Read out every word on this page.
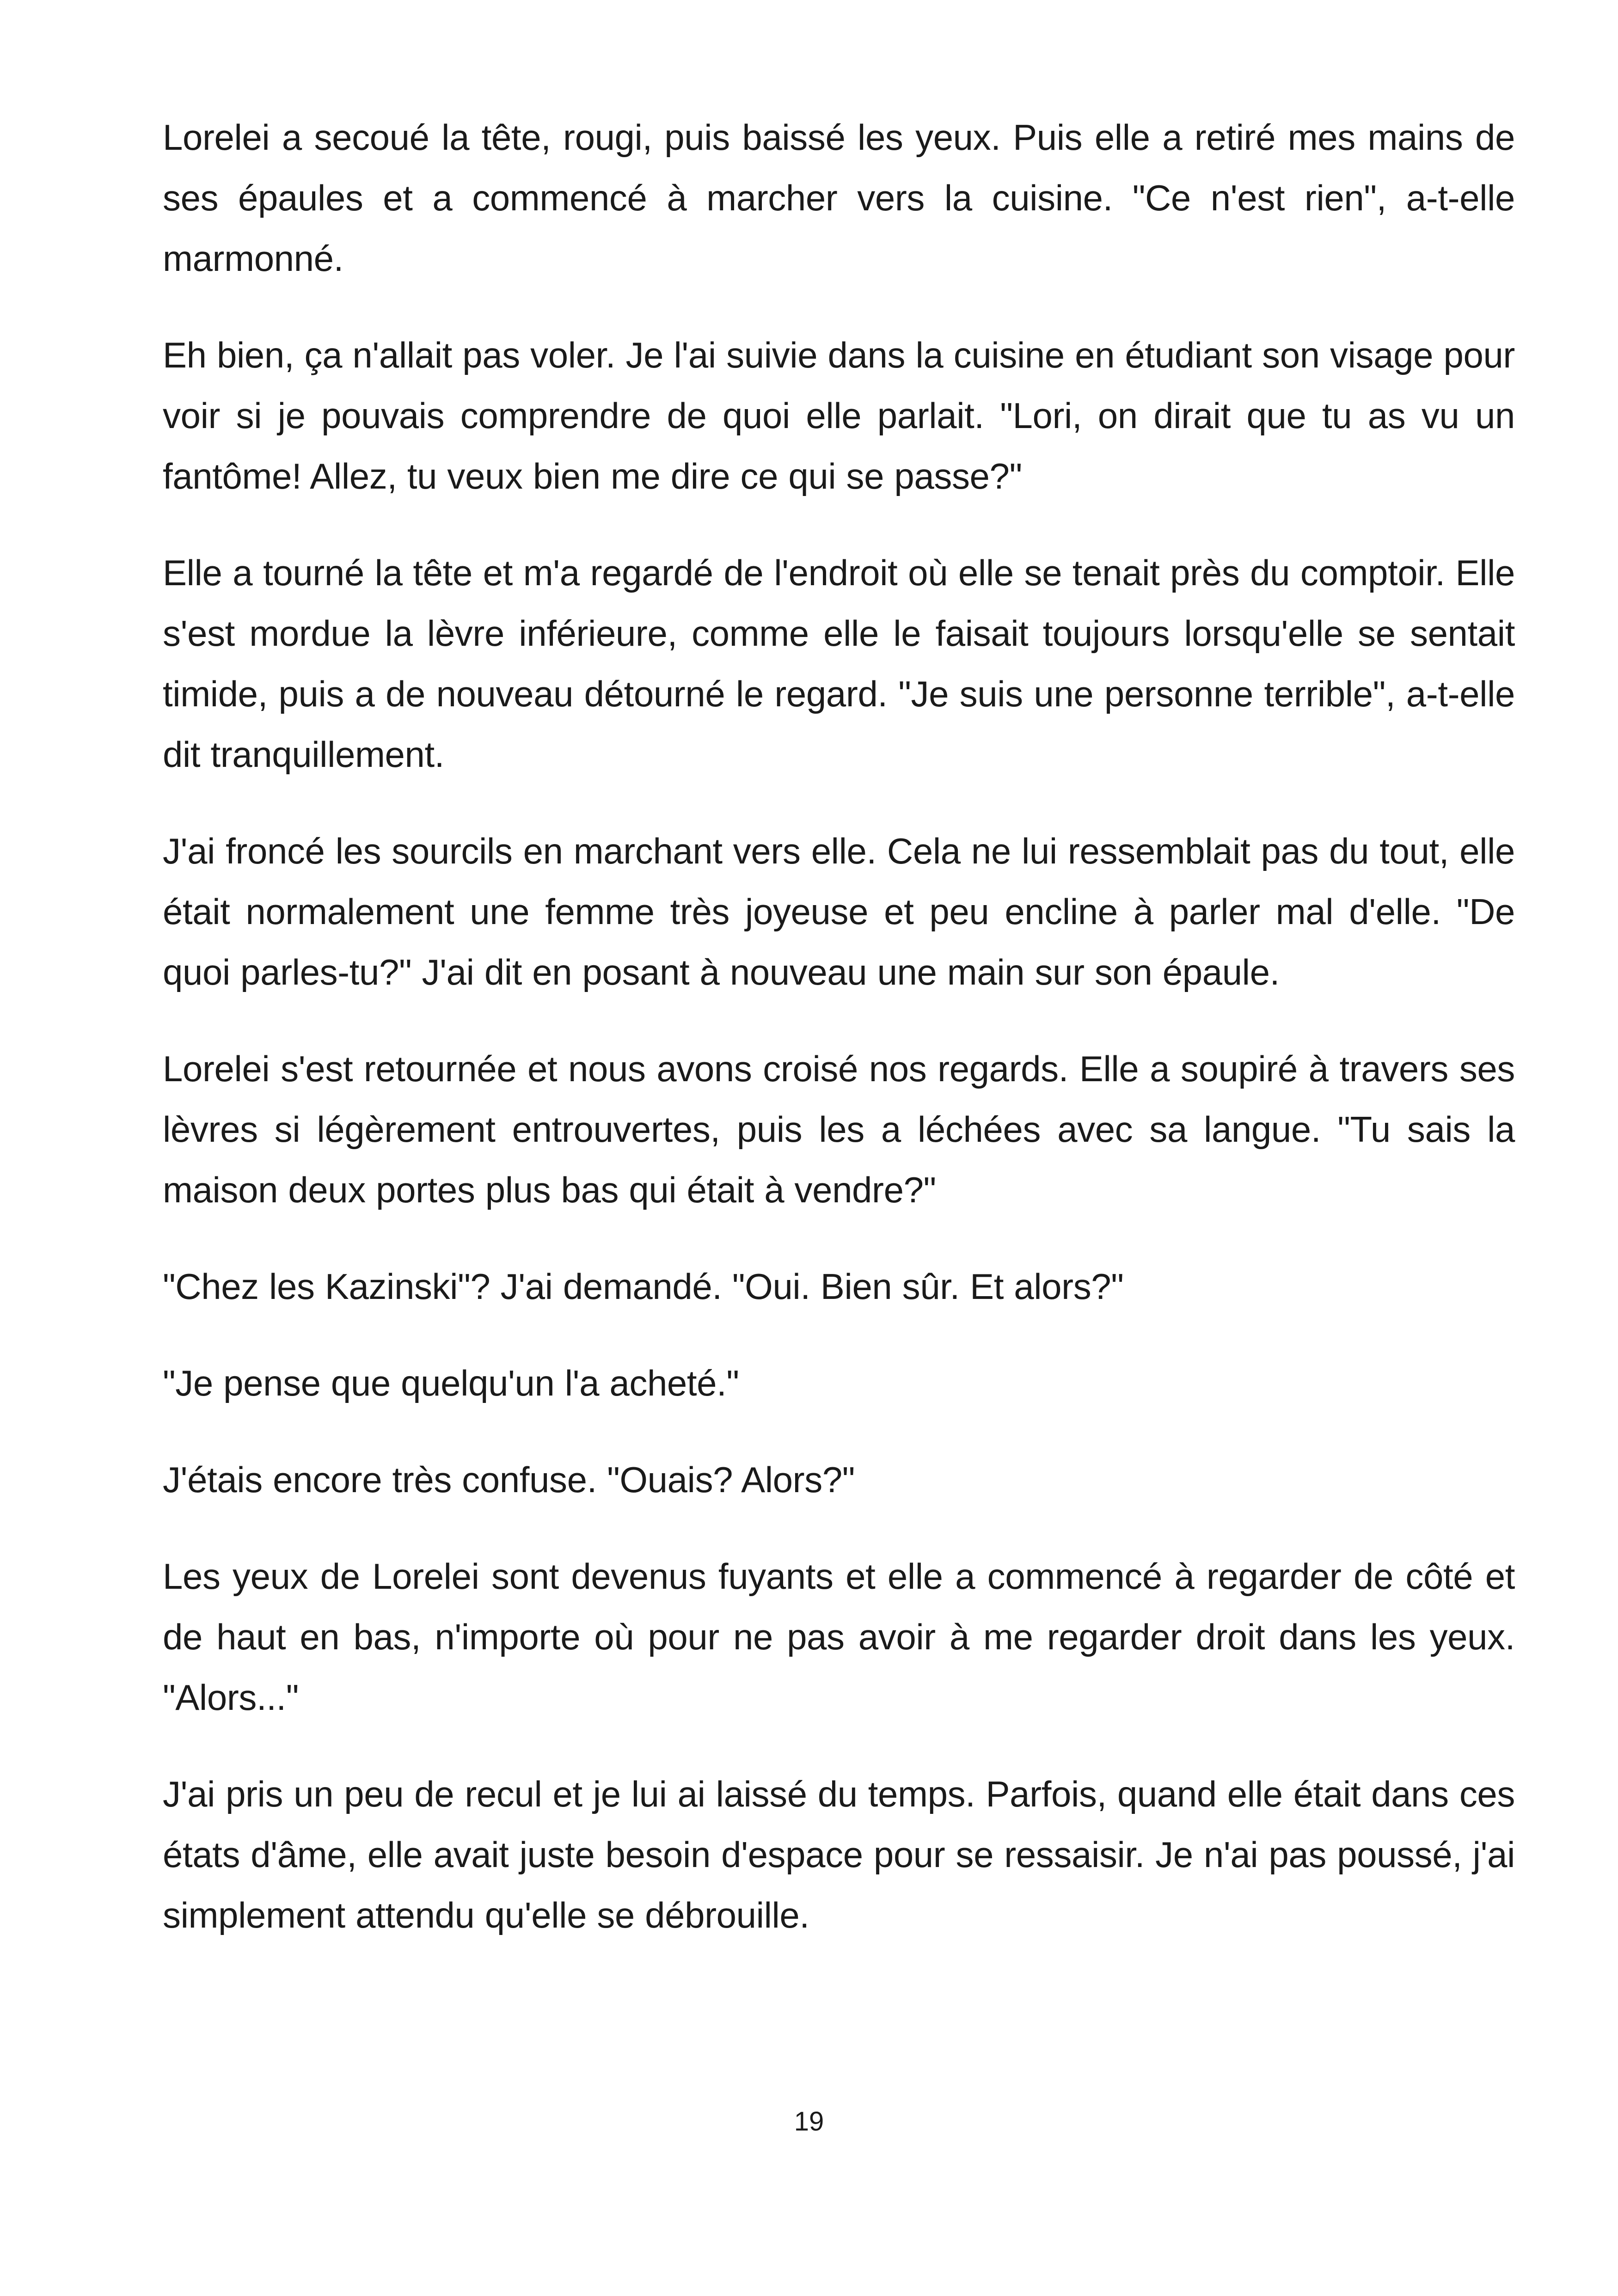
Lorelei a secoué la tête, rougi, puis baissé les yeux. Puis elle a retiré mes mains de ses épaules et a commencé à marcher vers la cuisine. "Ce n'est rien", a-t-elle marmonné.

Eh bien, ça n'allait pas voler. Je l'ai suivie dans la cuisine en étudiant son visage pour voir si je pouvais comprendre de quoi elle parlait. "Lori, on dirait que tu as vu un fantôme! Allez, tu veux bien me dire ce qui se passe?"

Elle a tourné la tête et m'a regardé de l'endroit où elle se tenait près du comptoir. Elle s'est mordue la lèvre inférieure, comme elle le faisait toujours lorsqu'elle se sentait timide, puis a de nouveau détourné le regard. "Je suis une personne terrible", a-t-elle dit tranquillement.

J'ai froncé les sourcils en marchant vers elle. Cela ne lui ressemblait pas du tout, elle était normalement une femme très joyeuse et peu encline à parler mal d'elle. "De quoi parles-tu?" J'ai dit en posant à nouveau une main sur son épaule.

Lorelei s'est retournée et nous avons croisé nos regards. Elle a soupiré à travers ses lèvres si légèrement entrouvertes, puis les a léchées avec sa langue. "Tu sais la maison deux portes plus bas qui était à vendre?"

"Chez les Kazinski"? J'ai demandé. "Oui. Bien sûr. Et alors?"

"Je pense que quelqu'un l'a acheté."

J'étais encore très confuse. "Ouais? Alors?"

Les yeux de Lorelei sont devenus fuyants et elle a commencé à regarder de côté et de haut en bas, n'importe où pour ne pas avoir à me regarder droit dans les yeux. "Alors..."

J'ai pris un peu de recul et je lui ai laissé du temps. Parfois, quand elle était dans ces états d'âme, elle avait juste besoin d'espace pour se ressaisir. Je n'ai pas poussé, j'ai simplement attendu qu'elle se débrouille.

19
